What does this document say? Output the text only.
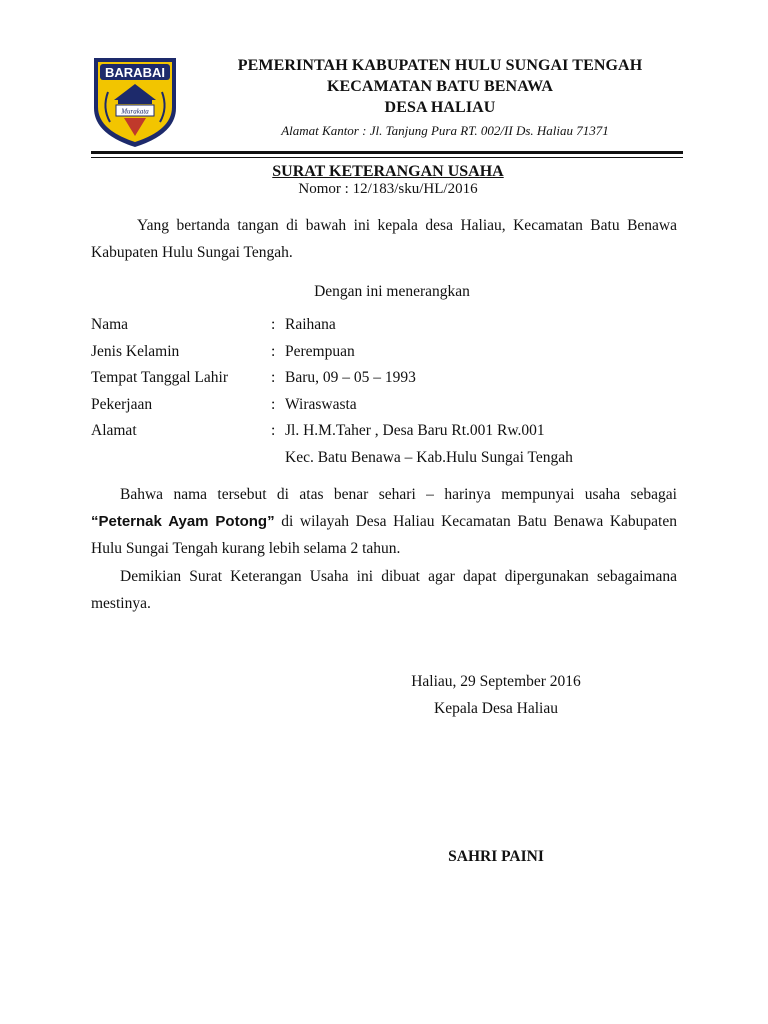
BARABAI
Murakata
PEMERINTAH KABUPATEN HULU SUNGAI TENGAH
KECAMATAN BATU BENAWA
DESA HALIAU
Alamat Kantor : Jl. Tanjung Pura RT. 002/II Ds. Haliau 71371
SURAT KETERANGAN USAHA
Nomor : 12/183/sku/HL/2016
Yang bertanda tangan di bawah ini kepala desa Haliau, Kecamatan Batu Benawa Kabupaten Hulu Sungai Tengah.
Dengan ini menerangkan
Nama	: Raihana
Jenis Kelamin	: Perempuan
Tempat Tanggal Lahir	: Baru, 09 – 05 – 1993
Pekerjaan	: Wiraswasta
Alamat	: Jl. H.M.Taher , Desa Baru Rt.001 Rw.001
Kec. Batu Benawa – Kab.Hulu Sungai Tengah
Bahwa nama tersebut di atas benar sehari – harinya mempunyai usaha sebagai “Peternak Ayam Potong” di wilayah Desa Haliau Kecamatan Batu Benawa Kabupaten Hulu Sungai Tengah kurang lebih selama 2 tahun.
Demikian Surat Keterangan Usaha ini dibuat agar dapat dipergunakan sebagaimana mestinya.
Haliau, 29 September 2016
Kepala Desa Haliau
SAHRI PAINI
